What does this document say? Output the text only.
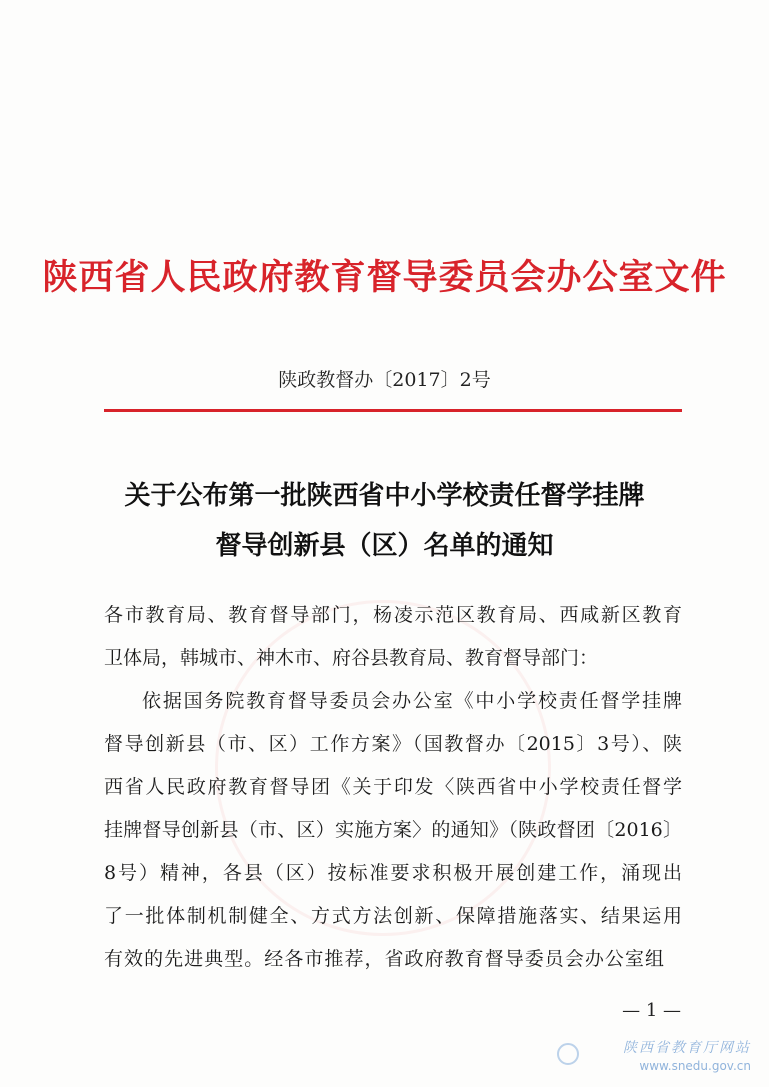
陕西省人民政府教育督导委员会办公室文件
陕政教督办〔2017〕2号
关于公布第一批陕西省中小学校责任督学挂牌
督导创新县（区）名单的通知
各市教育局、教育督导部门，杨凌示范区教育局、西咸新区教育
卫体局，韩城市、神木市、府谷县教育局、教育督导部门：
依据国务院教育督导委员会办公室《中小学校责任督学挂牌
督导创新县（市、区）工作方案》（国教督办〔2015〕3号）、陕
西省人民政府教育督导团《关于印发〈陕西省中小学校责任督学
挂牌督导创新县（市、区）实施方案〉的通知》（陕政督团〔2016〕
8号）精神，各县（区）按标准要求积极开展创建工作，涌现出
了一批体制机制健全、方式方法创新、保障措施落实、结果运用
有效的先进典型。经各市推荐，省政府教育督导委员会办公室组
— 1 —
陕西省教育厅网站
www.snedu.gov.cn
